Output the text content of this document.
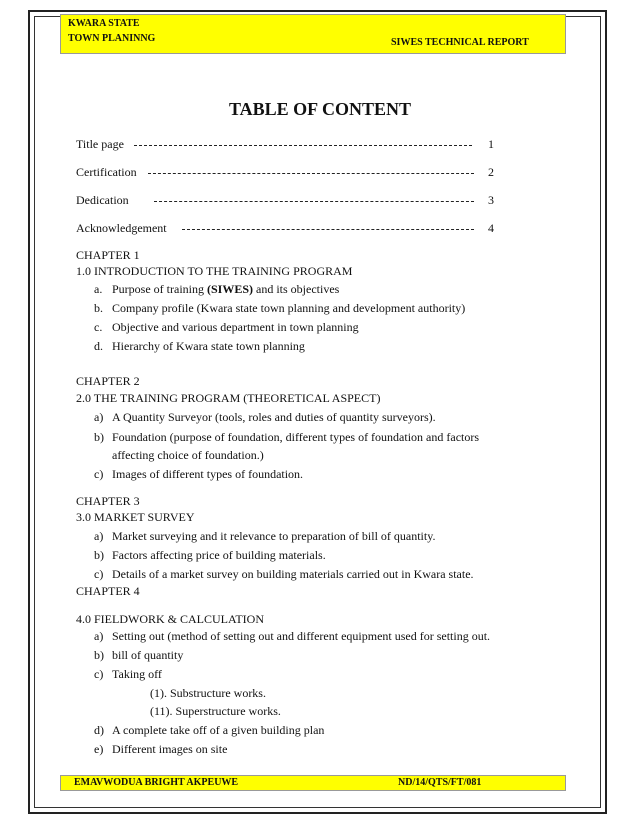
KWARA STATE
TOWN PLANINNG	SIWES TECHNICAL REPORT
TABLE OF CONTENT
Title page	1
Certification	2
Dedication	3
Acknowledgement	4
CHAPTER 1
1.0 INTRODUCTION TO THE TRAINING PROGRAM
a. Purpose of training (SIWES) and its objectives
b. Company profile (Kwara state town planning and development authority)
c. Objective and various department in town planning
d. Hierarchy of Kwara state town planning
CHAPTER 2
2.0 THE TRAINING PROGRAM (THEORETICAL ASPECT)
a) A Quantity Surveyor (tools, roles and duties of quantity surveyors).
b) Foundation (purpose of foundation, different types of foundation and factors
affecting choice of foundation.)
c) Images of different types of foundation.
CHAPTER 3
3.0 MARKET SURVEY
a) Market surveying and it relevance to preparation of bill of quantity.
b) Factors affecting price of building materials.
c) Details of a market survey on building materials carried out in Kwara state.
CHAPTER 4
4.0 FIELDWORK & CALCULATION
a) Setting out (method of setting out and different equipment used for setting out.
b) bill of quantity
c) Taking off
(1). Substructure works.
(11). Superstructure works.
d) A complete take off of a given building plan
e) Different images on site
EMAVWODUA BRIGHT AKPEUWE	ND/14/QTS/FT/081
